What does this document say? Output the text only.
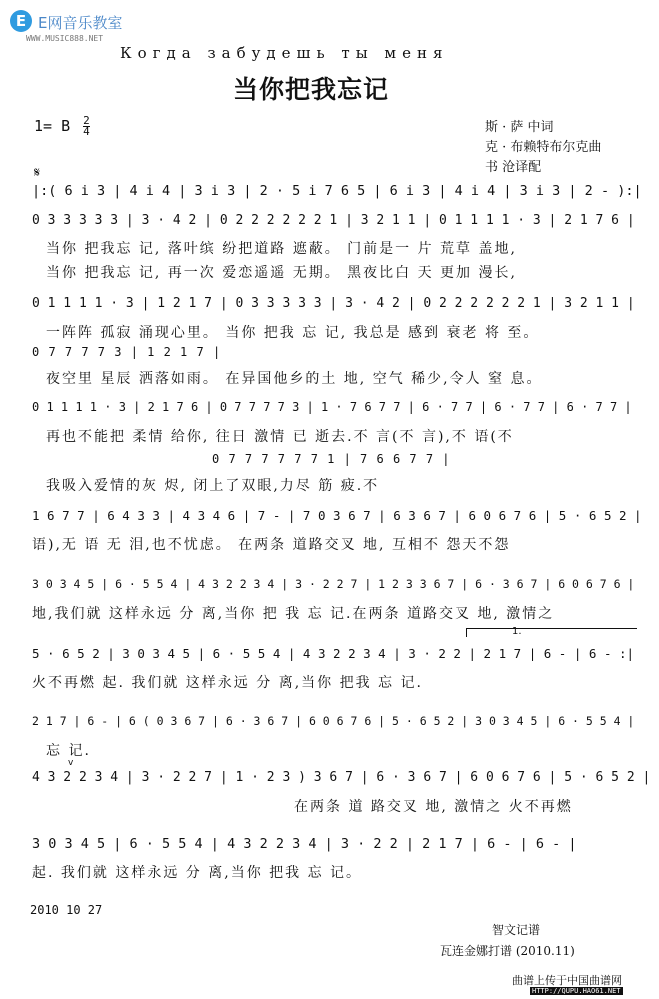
E E网音乐教室
WWW.MUSIC888.NET
Когда забудешь ты меня
当你把我忘记
1= B $\frac{2}{4}$	斯 · 萨 中词
克 · 布赖特布尔克曲
书 沧译配
𝄋
|:( 6 i 3 | 4 i 4 | 3 i 3 | 2 · 5 i 7 6 5 | 6 i 3 | 4 i 4 | 3 i 3 | 2 - ):|
0 3 3 3 3 3 | 3 · 4 2 | 0 2 2 2 2 2 2 1 | 3 2 1 1 | 0 1 1 1 1 · 3 | 2 1 7 6 |
当你 把我忘 记, 落叶缤 纷把道路 遮蔽。 门前是一 片 荒草 盖地,
当你 把我忘 记, 再一次 爱恋遥遥 无期。 黑夜比白 天 更加 漫长,
0 1 1 1 1 · 3 | 1 2 1 7 | 0 3 3 3 3 3 | 3 · 4 2 | 0 2 2 2 2 2 2 1 | 3 2 1 1 |
一阵阵 孤寂 涌现心里。 当你 把我 忘 记, 我总是 感到 衰老 将 至。
0 7 7 7 7 3 | 1 2 1 7 |
夜空里 星辰 洒落如雨。 在异国他乡的土 地, 空气 稀少,令人 窒 息。
0 1 1 1 1 · 3 | 2 1 7 6 | 0 7 7 7 7 3 | 1 · 7 6 7 7 | 6 · 7 7 | 6 · 7 7 | 6 · 7 7 |
再也不能把 柔情 给你, 往日 激情 已 逝去.不 言(不 言),不 语(不
0 7 7 7 7 7 7 1 | 7 6 6 7 7 |
我吸入爱情的灰 烬, 闭上了双眼,力尽 筋 疲.不
1 6 7 7 | 6 4 3 3 | 4 3 4 6 | 7 - | 7 0 3 6 7 | 6 3 6 7 | 6 0 6 7 6 | 5 · 6 5 2 |
语),无 语 无 泪,也不忧虑。 在两条 道路交叉 地, 互相不 怨天不怨
3 0 3 4 5 | 6 · 5 5 4 | 4 3 2 2 3 4 | 3 · 2 2 7 | 1 2 3 3 6 7 | 6 · 3 6 7 | 6 0 6 7 6 |
地,我们就 这样永远 分 离,当你 把 我 忘 记.在两条 道路交叉 地, 激情之
1.
5 · 6 5 2 | 3 0 3 4 5 | 6 · 5 5 4 | 4 3 2 2 3 4 | 3 · 2 2 | 2 1 7 | 6 - | 6 - :|
火不再燃 起. 我们就 这样永远 分 离,当你 把我 忘 记.
2 1 7 | 6 - | 6 ( 0 3 6 7 | 6 · 3 6 7 | 6 0 6 7 6 | 5 · 6 5 2 | 3 0 3 4 5 | 6 · 5 5 4 |
忘 记.
v
4 3 2 2 3 4 | 3 · 2 2 7 | 1 · 2 3 ) 3 6 7 | 6 · 3 6 7 | 6 0 6 7 6 | 5 · 6 5 2 |
在两条 道 路交叉 地, 激情之 火不再燃
3 0 3 4 5 | 6 · 5 5 4 | 4 3 2 2 3 4 | 3 · 2 2 | 2 1 7 | 6 - | 6 - |
起. 我们就 这样永远 分 离,当你 把我 忘 记。
2010 10 27
智文记谱
瓦连金娜打谱 (2010.11)
曲谱上传于中国曲谱网
HTTP://QUPU.HAO61.NET
